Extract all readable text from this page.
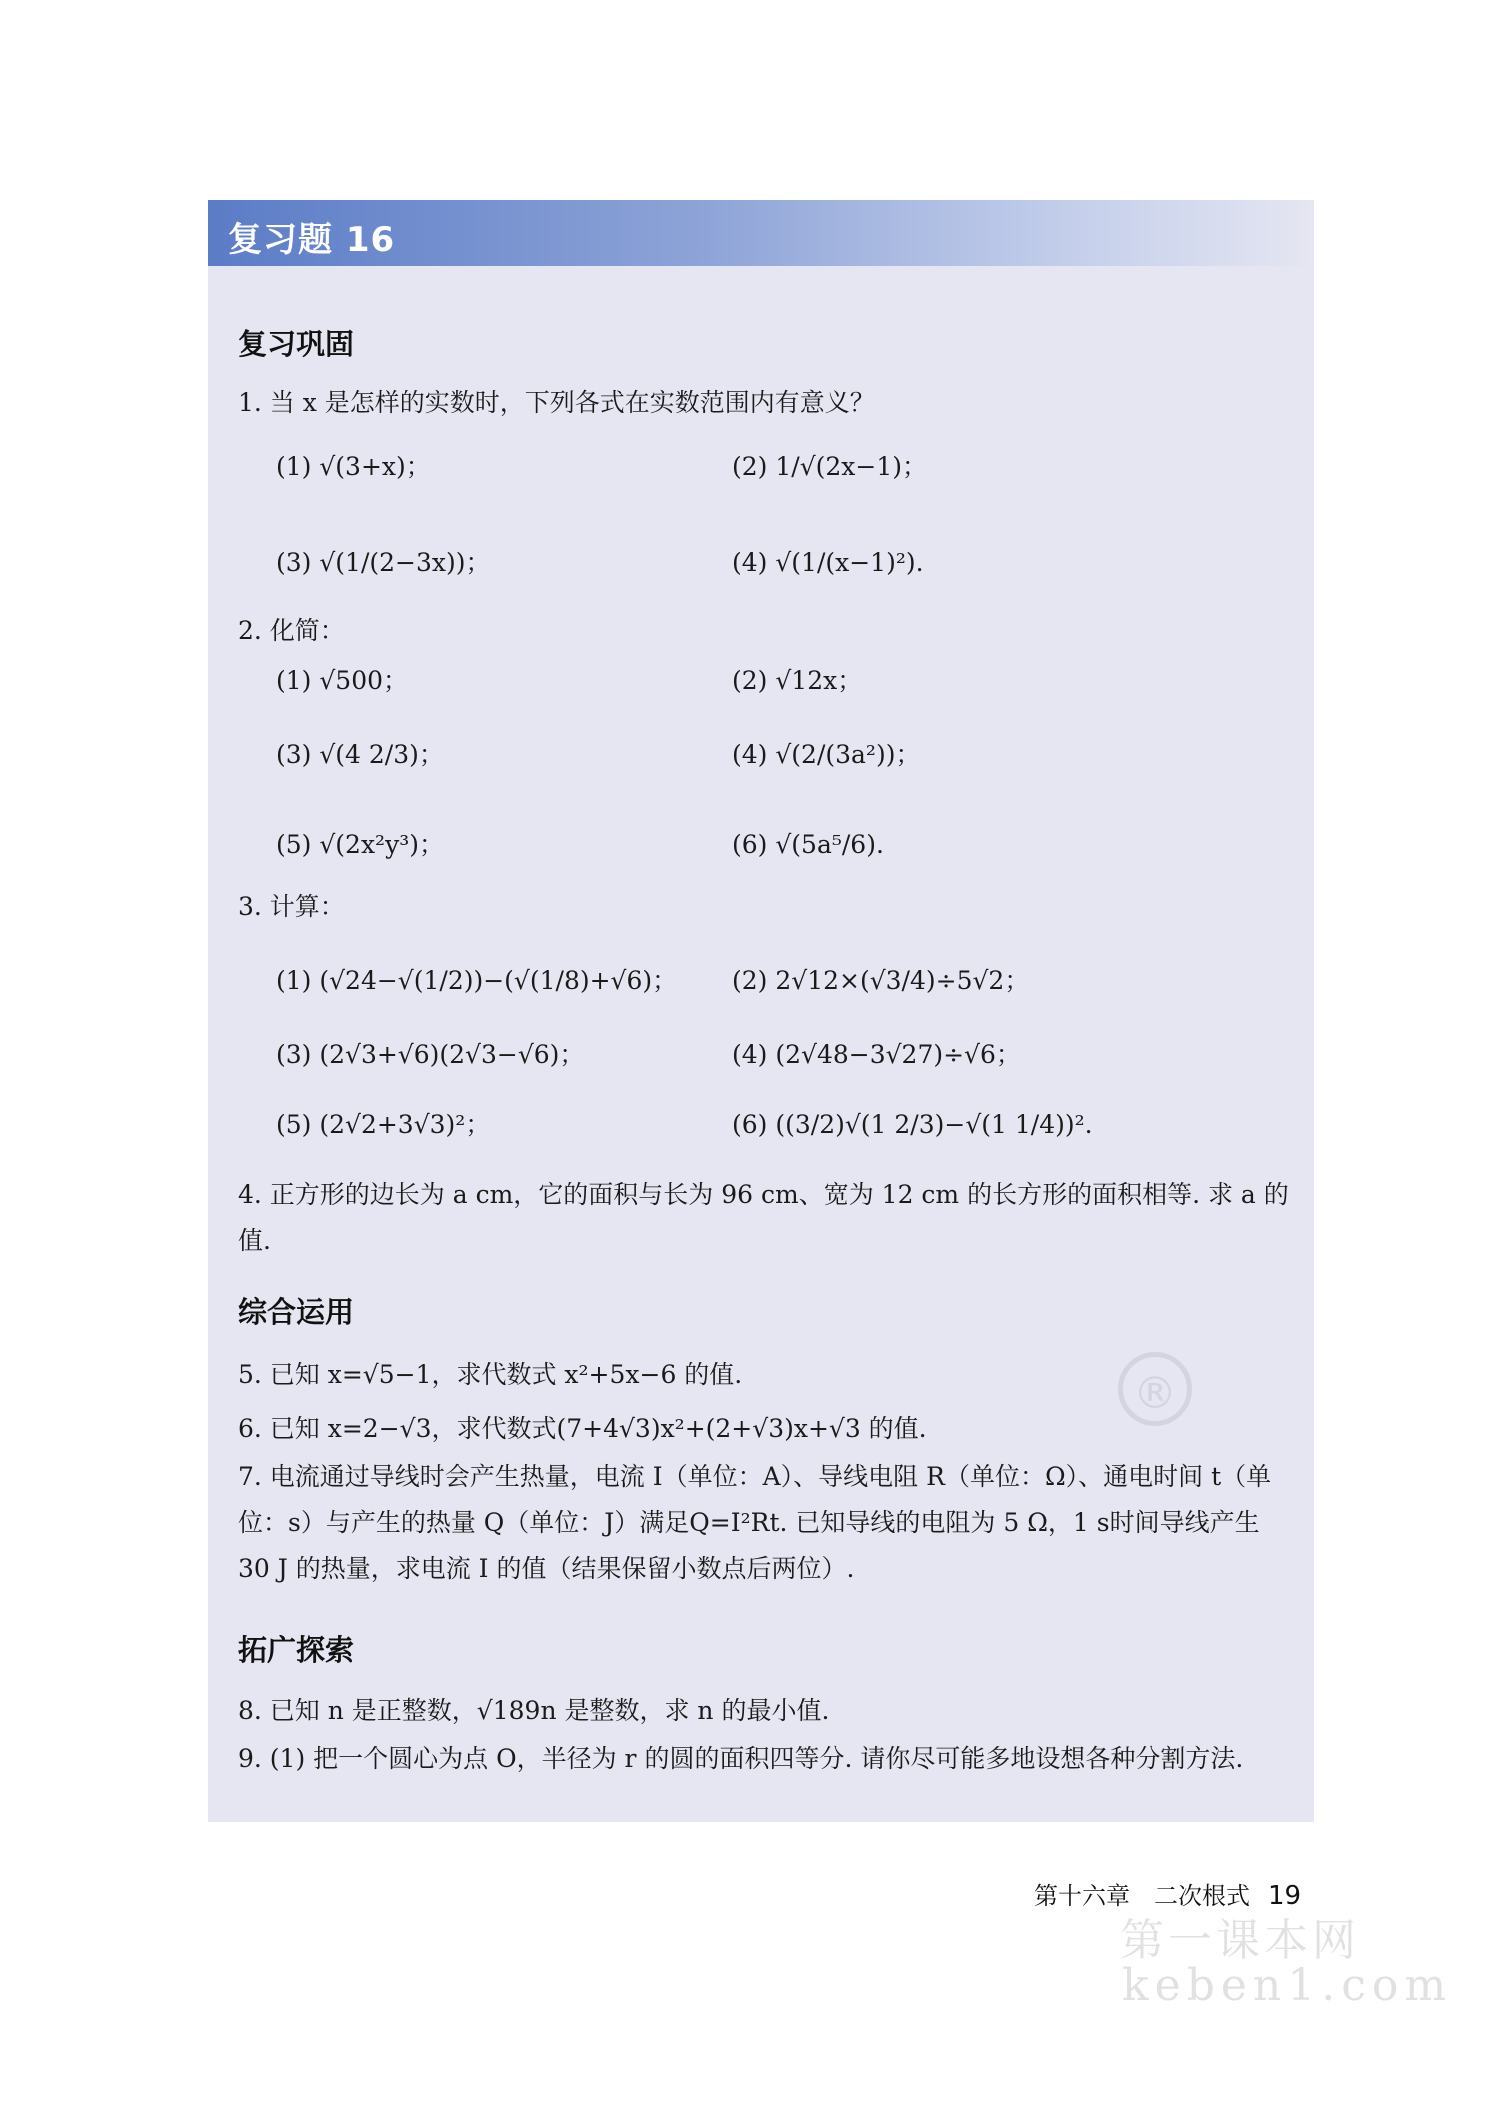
复习题 16
®
复习巩固
1. 当 x 是怎样的实数时，下列各式在实数范围内有意义？
(1) √(3+x)；	(2) 1/√(2x−1)；
(3) √(1/(2−3x))；	(4) √(1/(x−1)²).
2. 化简：
(1) √500；	(2) √12x；
(3) √(4 2/3)；	(4) √(2/(3a²))；
(5) √(2x²y³)；	(6) √(5a⁵/6).
3. 计算：
(1) (√24−√(1/2))−(√(1/8)+√6)； (2) 2√12×(√3/4)÷5√2；
(3) (2√3+√6)(2√3−√6)；	(4) (2√48−3√27)÷√6；
(5) (2√2+3√3)²；	(6) ((3/2)√(1 2/3)−√(1 1/4))².
4. 正方形的边长为 a cm，它的面积与长为 96 cm、宽为 12 cm 的长方形的面积相等. 求 a 的值.
综合运用
5. 已知 x=√5−1，求代数式 x²+5x−6 的值.
6. 已知 x=2−√3，求代数式(7+4√3)x²+(2+√3)x+√3 的值.
7. 电流通过导线时会产生热量，电流 I（单位：A）、导线电阻 R（单位：Ω）、通电时间 t（单位：s）与产生的热量 Q（单位：J）满足Q=I²Rt. 已知导线的电阻为 5 Ω，1 s时间导线产生 30 J 的热量，求电流 I 的值（结果保留小数点后两位）.
拓广探索
8. 已知 n 是正整数，√189n 是整数，求 n 的最小值.
9. (1) 把一个圆心为点 O，半径为 r 的圆的面积四等分. 请你尽可能多地设想各种分割方法.
第十六章　二次根式 19
第一课本网
keben1.com
